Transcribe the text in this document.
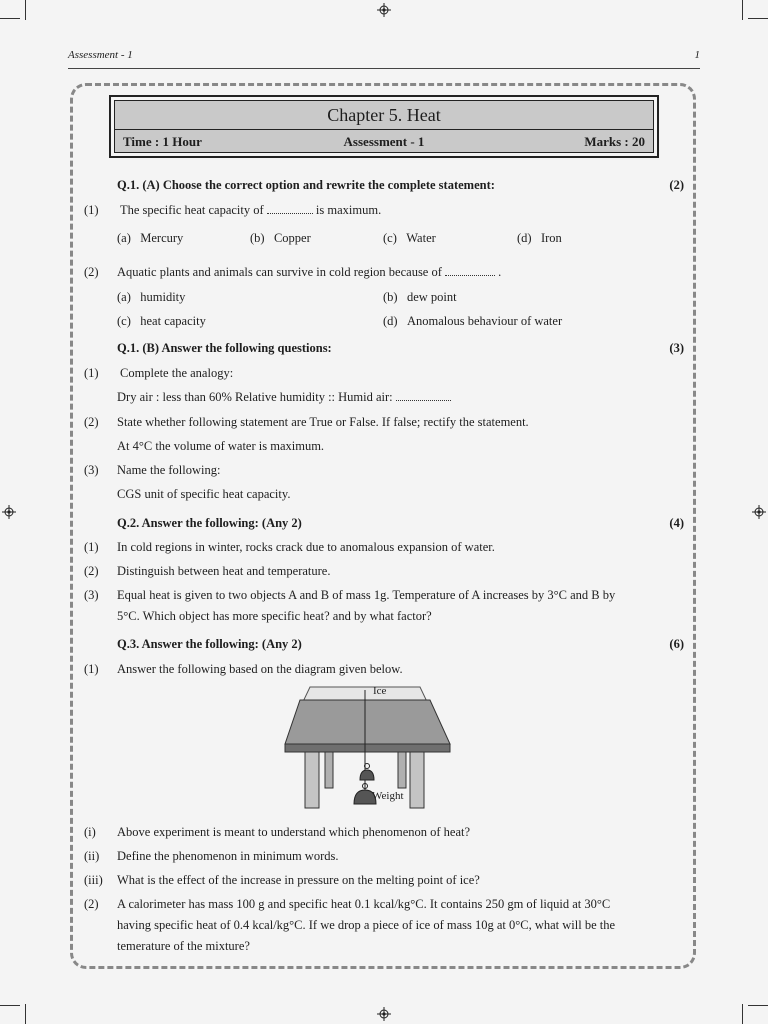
Assessment - 1	1
Chapter 5. Heat
Time : 1 Hour	Assessment - 1	Marks : 20
Q.1. (A) Choose the correct option and rewrite the complete statement:	(2)
(1) The specific heat capacity of	is maximum.
(a) Mercury	(b) Copper	(c) Water	(d) Iron
(2) Aquatic plants and animals can survive in cold region because of	.
(a) humidity	(b) dew point
(c) heat capacity	(d) Anomalous behaviour of water
Q.1. (B) Answer the following questions:	(3)
(1) Complete the analogy:
Dry air : less than 60% Relative humidity :: Humid air:
(2) State whether following statement are True or False. If false; rectify the statement.
At 4°C the volume of water is maximum.
(3) Name the following:
CGS unit of specific heat capacity.
Q.2. Answer the following: (Any 2)	(4)
(1) In cold regions in winter, rocks crack due to anomalous expansion of water.
(2) Distinguish between heat and temperature.
(3) Equal heat is given to two objects A and B of mass 1g. Temperature of A increases by 3°C and B by
5°C. Which object has more specific heat? and by what factor?
Q.3. Answer the following: (Any 2)	(6)
(1) Answer the following based on the diagram given below.
Ice
Weight
(i) Above experiment is meant to understand which phenomenon of heat?
(ii) Define the phenomenon in minimum words.
(iii) What is the effect of the increase in pressure on the melting point of ice?
(2) A calorimeter has mass 100 g and specific heat 0.1 kcal/kg°C. It contains 250 gm of liquid at 30°C
having specific heat of 0.4 kcal/kg°C. If we drop a piece of ice of mass 10g at 0°C, what will be the
temerature of the mixture?
